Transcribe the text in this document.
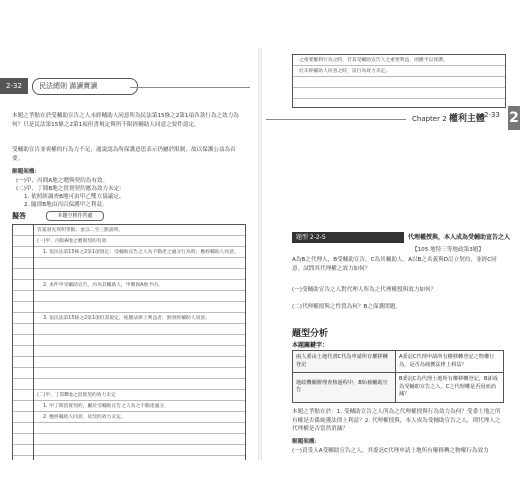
2-32	民法總則 滿讀寶讀
本題之爭點在於受輔助宣告之人未經輔助人同意所為民法第15條之2第1項各款行為之效力為何？只是民法第15條之2第1項但書規定與所不限經輔助人同意之要件認定。
受輔助宣告並喪權的行為力不足，通說認為所保護意思表示仍屬於限制，故以保護公益為首要。
解題架構：
(一)甲、丙間A地之贈與契約為有效。
(二)甲、丁間B地之買賣契約應為效力未定：
1. 依照經調查B地可由甲乙雙方協議定。
2. 隨即B地由丙以保護甲之利益。
擬答	本題空格作答處
答案須先寫明爭點，並以二至三點說明。
(一)甲、丙間A地之贈與契約有效
1. 依民法第15條之2第1項規定：受輔助宣告之人為不動產之處分行為時，應經輔助人同意。
2. 本件甲受輔助宣告，丙為其輔助人，甲贈與A地予丙。
3. 依民法第15條之2第1項但書規定，純獲法律上利益者，無須經輔助人同意。
(二)甲、丁間B地之買賣契約效力未定
1. 甲丁間買賣契約，屬於受輔助宣告之人為之不動產處分，
2. 應經輔助人同意，故契約效力未定。
之重要權利行為之時，若其受輔助宣告人之重要利益，則應予以保護。
於未經輔助人同意之時，該行為效力未定。
Chapter 2 權利主體 2-33 2
題型 2-2-5	代理權授與，本人成為受輔助宣告之人
【105 地特三等地政第3題】
A為B之代理人，B受輔助宣告，C為其輔助人。A以B之名義與D訂立契約，並經C同意。試問其代理權之效力如何？
(一)受輔助宣告之人對代理人所為之代理權授與效力如何？
(二)代理權授與之性質為何？B之保護問題。
題型分析
本題關鍵字：
兩人委由土地代書C代為申請所有權移轉登記	A委託C代理申請所有權移轉登記之物權行為，是否為純獲法律上利益？
地政機關辦理查核過程中，B始被輔助宣告	B委託C為代理土地所有權移轉登記，B卻成為受輔助宣告之人，C之代理權是否因而消滅？
本題之爭點在於：1. 受輔助宣告之人所為之代理權授與行為效力為何？受委土地之所有權是否係純獲法律上利益？2. 代理權授與，本人成為受輔助宣告之人，則代理人之代理權是否當然消滅？
解題架構：
(一)買受人A受輔助宣告之人，其委託C代理申請土地所有權移轉之物權行為效力
